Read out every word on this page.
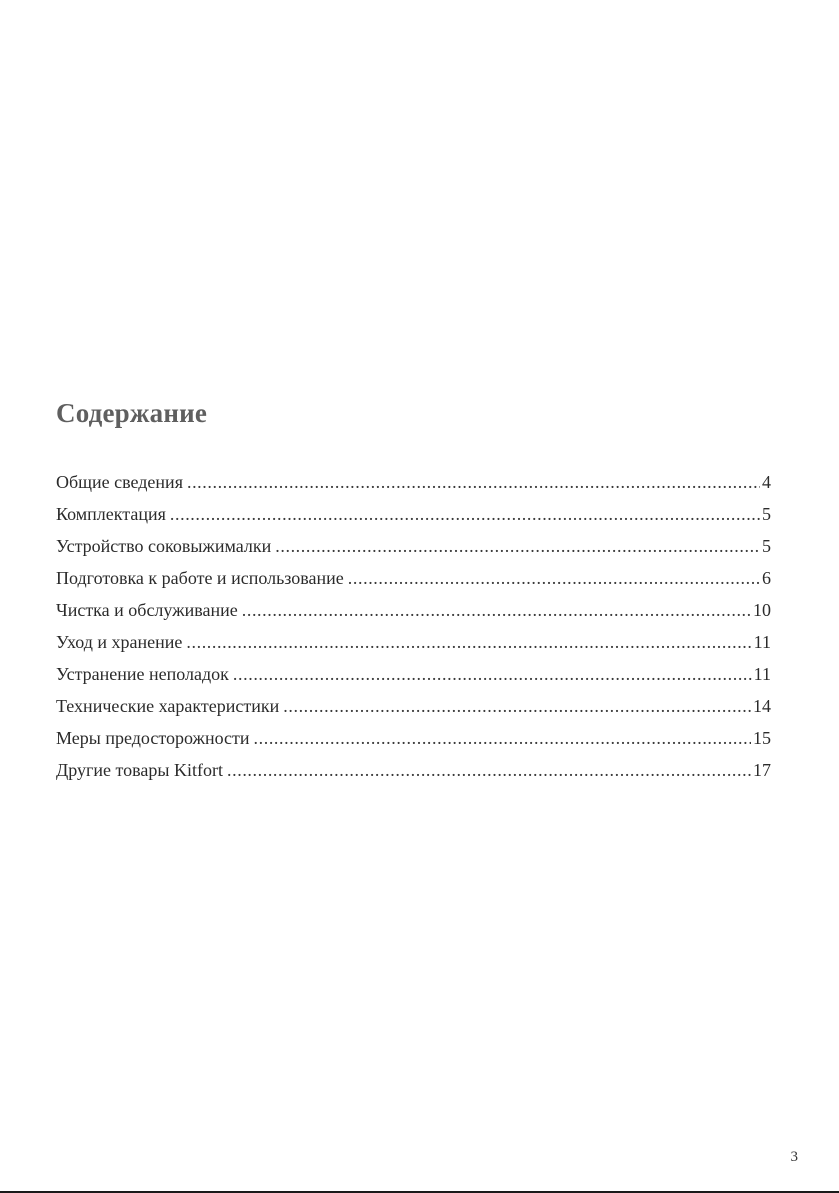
Содержание
Общие сведения .....	4
Комплектация .....	5
Устройство соковыжималки .....	5
Подготовка к работе и использование .....	6
Чистка и обслуживание .....	10
Уход и хранение .....	11
Устранение неполадок .....	11
Технические характеристики .....	14
Меры предосторожности .....	15
Другие товары Kitfort .....	17
3
